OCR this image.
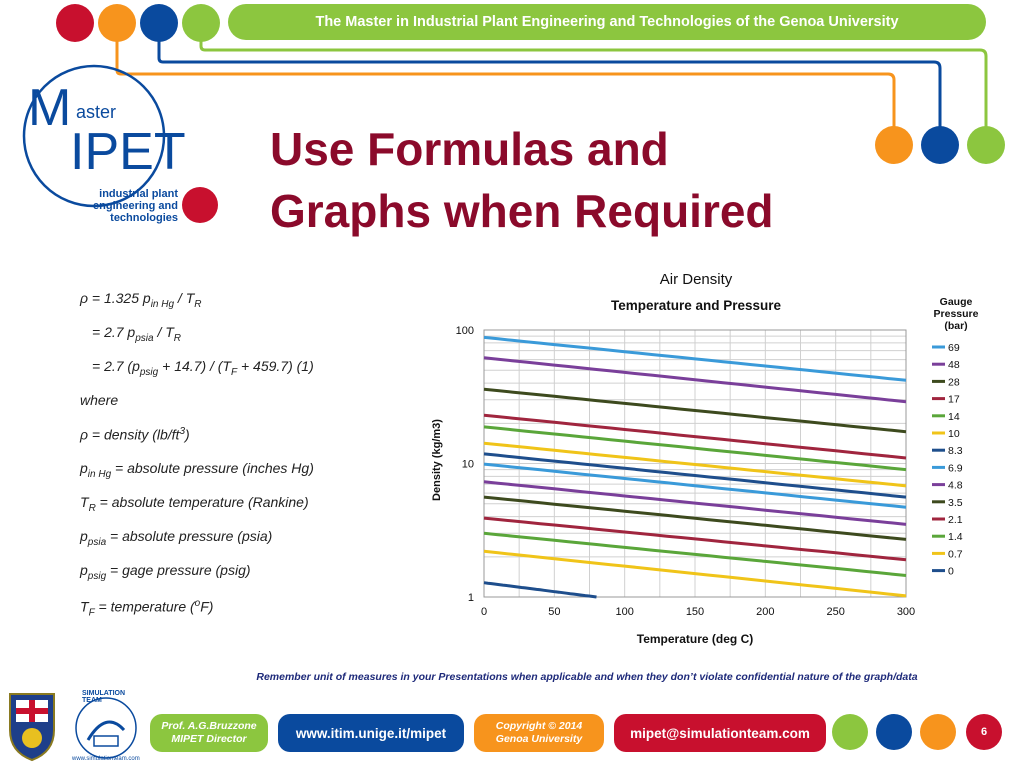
The Master in Industrial Plant Engineering and Technologies of the Genoa University
M aster
IPET
industrial plant
engineering and
technologies
Use Formulas and
Graphs when Required
ρ = 1.325 $p_{in Hg} / T_R$
= 2.7 $p_{psia} / T_R$
= 2.7 $(p_{psig} + 14.7) / (T_F + 459.7)$ (1)
where
ρ = density $(lb/ft^3)$
$p_{in Hg}$ = absolute pressure (inches Hg)
$T_R$ = absolute temperature (Rankine)
$p_{psia}$ = absolute pressure (psia)
$p_{psig}$ = gage pressure (psig)
$T_F$ = temperature ($^o$F)
Air Density
Temperature and Pressure
Temperature (deg C)
Density (kg/m3)
0	50	100	150	200	250	300
1
10
100
Gauge
Pressure
(bar)
69
48
28
17
14
10
8.3
6.9
4.8
3.5
2.1
1.4
0.7
0
Remember unit of measures in your Presentations when applicable and when they don’t violate confidential nature of the graph/data
SIMULATION TEAM
www.simulationteam.com
Prof. A.G.Bruzzone
MIPET Director	www.itim.unige.it/mipet	Copyright © 2014
Genoa University	mipet@simulationteam.com	6
